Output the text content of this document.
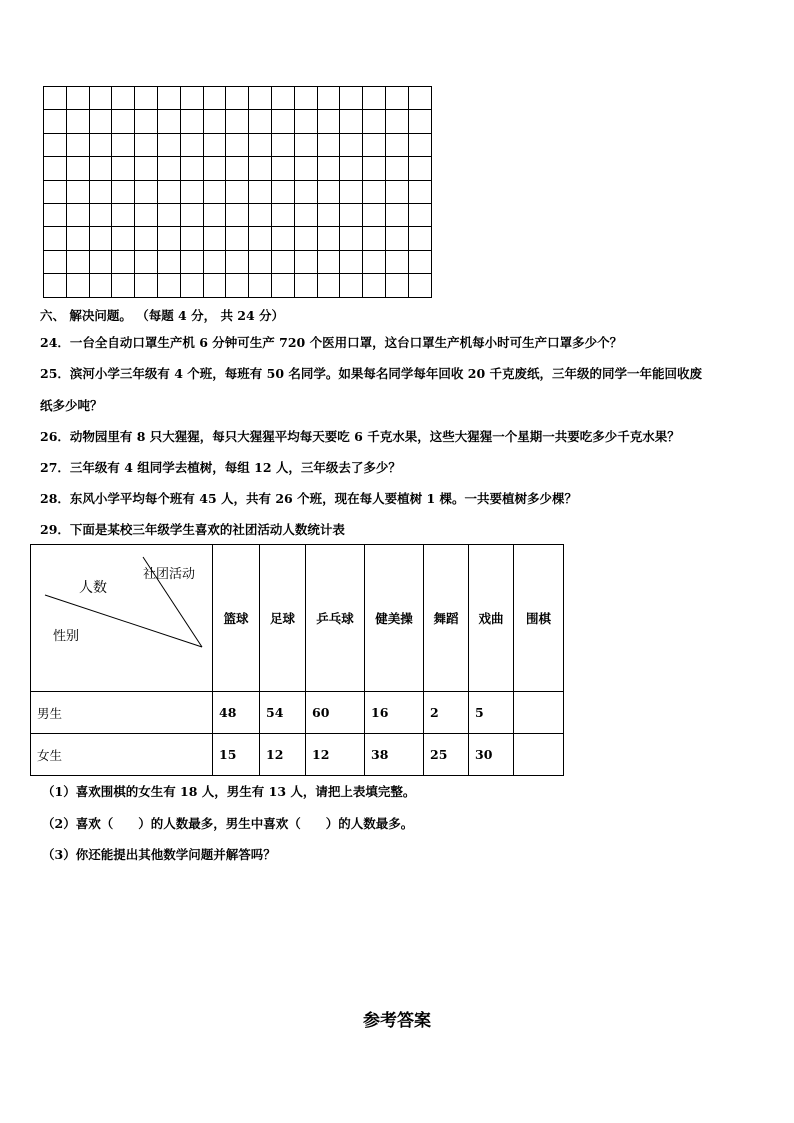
六、 解决问题。 （每题 4 分， 共 24 分）
24．一台全自动口罩生产机 6 分钟可生产 720 个医用口罩，这台口罩生产机每小时可生产口罩多少个？
25．滨河小学三年级有 4 个班，每班有 50 名同学。如果每名同学每年回收 20 千克废纸，三年级的同学一年能回收废
纸多少吨？
26．动物园里有 8 只大猩猩，每只大猩猩平均每天要吃 6 千克水果，这些大猩猩一个星期一共要吃多少千克水果？
27．三年级有 4 组同学去植树，每组 12 人，三年级去了多少？
28．东风小学平均每个班有 45 人，共有 26 个班，现在每人要植树 1 棵。一共要植树多少棵？
29．下面是某校三年级学生喜欢的社团活动人数统计表
社团活动
人数
性别	篮球	足球	乒乓球	健美操	舞蹈	戏曲	围棋
男生	48	54	60	16	2	5	
女生	15	12	12	38	25	30	
（1）喜欢围棋的女生有 18 人，男生有 13 人，请把上表填完整。
（2）喜欢（　　）的人数最多，男生中喜欢（　　）的人数最多。
（3）你还能提出其他数学问题并解答吗？
参考答案
